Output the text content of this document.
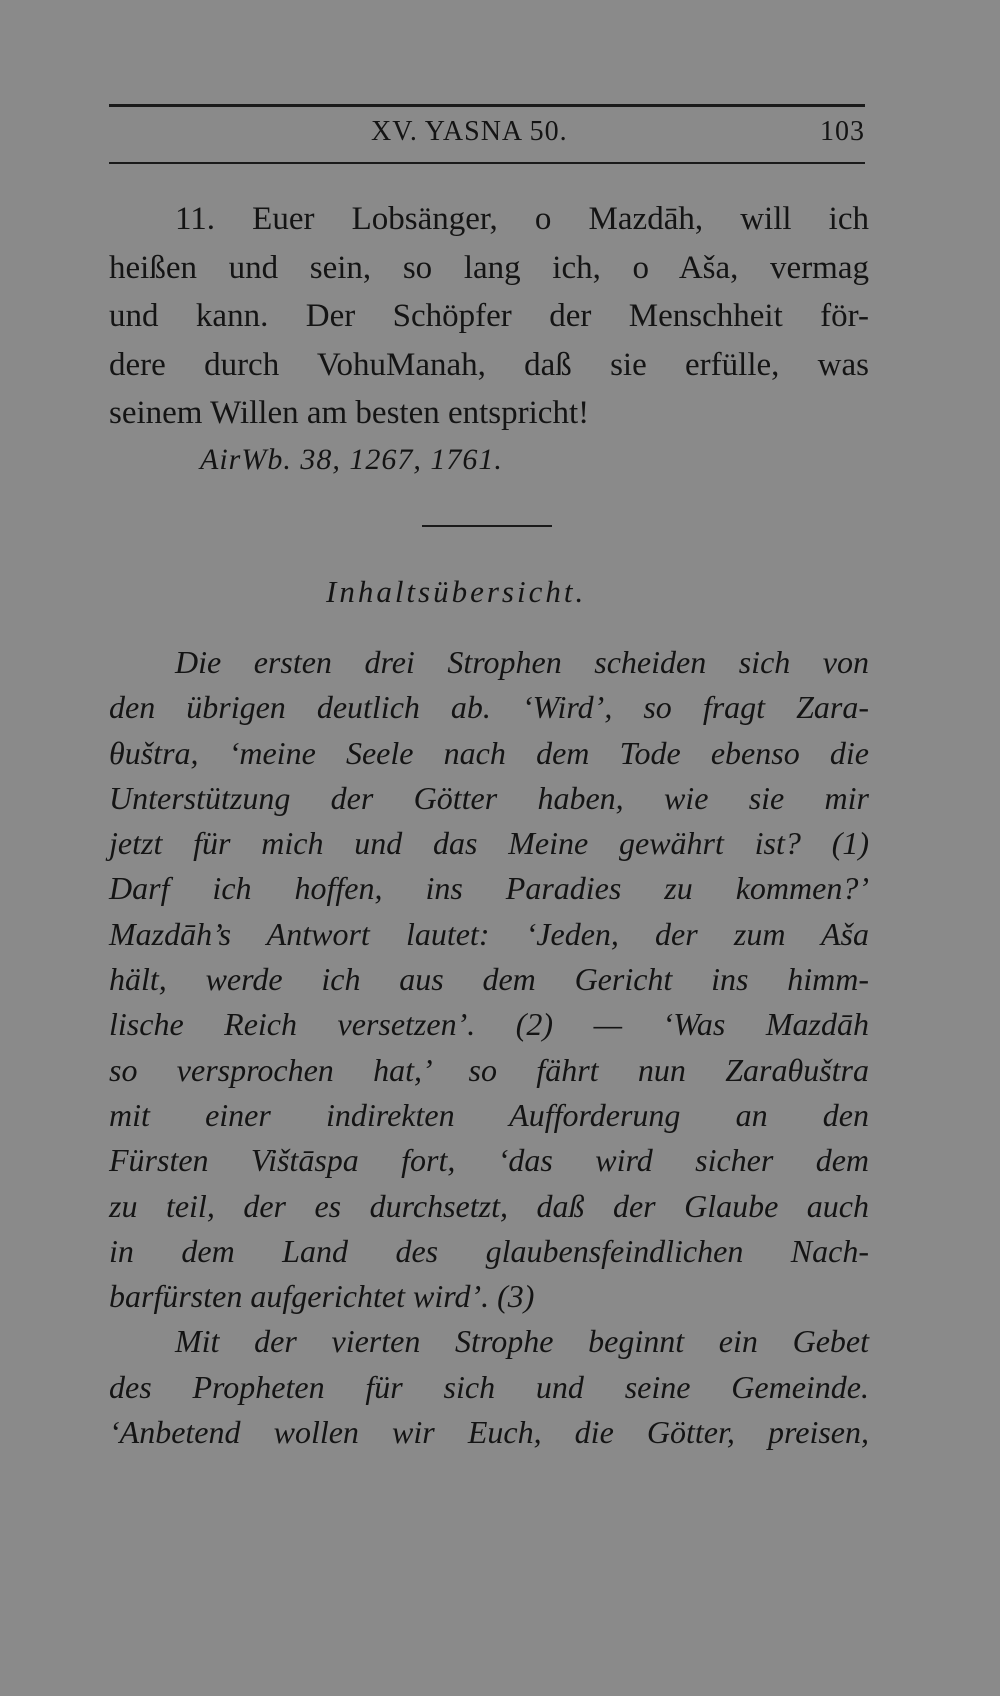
XV. YASNA 50.	103
11. Euer Lobsänger, o Mazdāh, will ich
heißen und sein, so lang ich, o Aša, vermag
und kann. Der Schöpfer der Menschheit för-
dere durch VohuManah, daß sie erfülle, was
seinem Willen am besten entspricht!
AirWb. 38, 1267, 1761.
Inhaltsübersicht.
Die ersten drei Strophen scheiden sich von
den übrigen deutlich ab. ‘Wird’, so fragt Zara-
θuštra, ‘meine Seele nach dem Tode ebenso die
Unterstützung der Götter haben, wie sie mir
jetzt für mich und das Meine gewährt ist? (1)
Darf ich hoffen, ins Paradies zu kommen?’
Mazdāh’s Antwort lautet: ‘Jeden, der zum Aša
hält, werde ich aus dem Gericht ins himm-
lische Reich versetzen’. (2) — ‘Was Mazdāh
so versprochen hat,’ so fährt nun Zaraθuštra
mit einer indirekten Aufforderung an den
Fürsten Vištāspa fort, ‘das wird sicher dem
zu teil, der es durchsetzt, daß der Glaube auch
in dem Land des glaubensfeindlichen Nach-
barfürsten aufgerichtet wird’. (3)
Mit der vierten Strophe beginnt ein Gebet
des Propheten für sich und seine Gemeinde.
‘Anbetend wollen wir Euch, die Götter, preisen,
